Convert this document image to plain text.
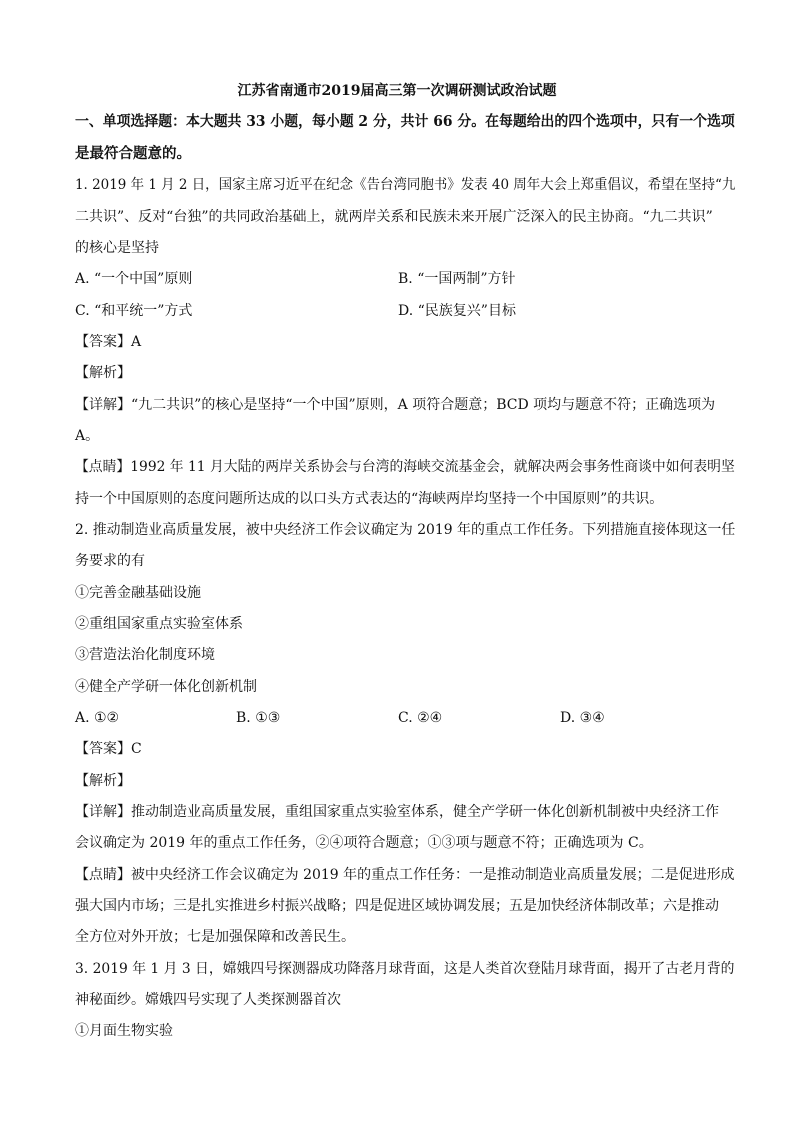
江苏省南通市2019届高三第一次调研测试政治试题
一、单项选择题：本大题共 33 小题，每小题 2 分，共计 66 分。在每题给出的四个选项中，只有一个选项
是最符合题意的。
1. 2019 年 1 月 2 日，国家主席习近平在纪念《告台湾同胞书》发表 40 周年大会上郑重倡议，希望在坚持“九
二共识”、反对“台独”的共同政治基础上，就两岸关系和民族未来开展广泛深入的民主协商。“九二共识”
的核心是坚持
A. “一个中国”原则	B. “一国两制”方针
C. “和平统一”方式	D. “民族复兴”目标
【答案】A
【解析】
【详解】“九二共识”的核心是坚持“一个中国”原则，A 项符合题意；BCD 项均与题意不符；正确选项为
A。
【点睛】1992 年 11 月大陆的两岸关系协会与台湾的海峡交流基金会，就解决两会事务性商谈中如何表明坚
持一个中国原则的态度问题所达成的以口头方式表达的“海峡两岸均坚持一个中国原则”的共识。
2. 推动制造业高质量发展，被中央经济工作会议确定为 2019 年的重点工作任务。下列措施直接体现这一任
务要求的有
①完善金融基础设施
②重组国家重点实验室体系
③营造法治化制度环境
④健全产学研一体化创新机制
A. ①②	B. ①③	C. ②④	D. ③④
【答案】C
【解析】
【详解】推动制造业高质量发展，重组国家重点实验室体系，健全产学研一体化创新机制被中央经济工作
会议确定为 2019 年的重点工作任务，②④项符合题意；①③项与题意不符；正确选项为 C。
【点睛】被中央经济工作会议确定为 2019 年的重点工作任务：一是推动制造业高质量发展；二是促进形成
强大国内市场；三是扎实推进乡村振兴战略；四是促进区域协调发展；五是加快经济体制改革；六是推动
全方位对外开放；七是加强保障和改善民生。
3. 2019 年 1 月 3 日，嫦娥四号探测器成功降落月球背面，这是人类首次登陆月球背面，揭开了古老月背的
神秘面纱。嫦娥四号实现了人类探测器首次
①月面生物实验
